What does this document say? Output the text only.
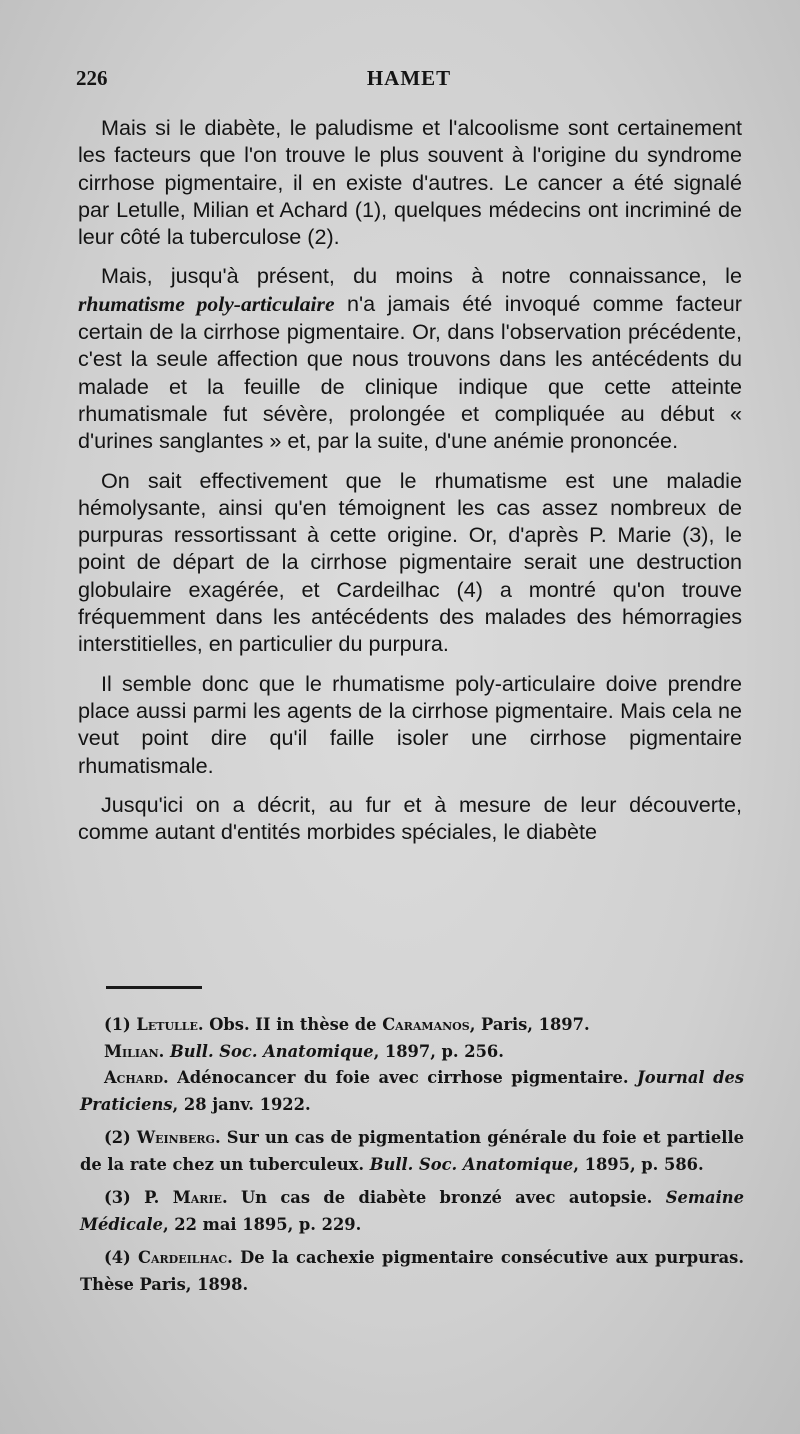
226	HAMET

Mais si le diabète, le paludisme et l'alcoolisme sont certainement les facteurs que l'on trouve le plus souvent à l'origine du syndrome cirrhose pigmentaire, il en existe d'autres. Le cancer a été signalé par Letulle, Milian et Achard (1), quelques médecins ont incriminé de leur côté la tuberculose (2).

Mais, jusqu'à présent, du moins à notre connaissance, le rhumatisme poly-articulaire n'a jamais été invoqué comme facteur certain de la cirrhose pigmentaire. Or, dans l'observation précédente, c'est la seule affection que nous trouvons dans les antécédents du malade et la feuille de clinique indique que cette atteinte rhumatismale fut sévère, prolongée et compliquée au début « d'urines sanglantes » et, par la suite, d'une anémie prononcée.

On sait effectivement que le rhumatisme est une maladie hémolysante, ainsi qu'en témoignent les cas assez nombreux de purpuras ressortissant à cette origine. Or, d'après P. Marie (3), le point de départ de la cirrhose pigmentaire serait une destruction globulaire exagérée, et Cardeilhac (4) a montré qu'on trouve fréquemment dans les antécédents des malades des hémorragies interstitielles, en particulier du purpura.

Il semble donc que le rhumatisme poly-articulaire doive prendre place aussi parmi les agents de la cirrhose pigmentaire. Mais cela ne veut point dire qu'il faille isoler une cirrhose pigmentaire rhumatismale.

Jusqu'ici on a décrit, au fur et à mesure de leur découverte, comme autant d'entités morbides spéciales, le diabète

(1) Letulle. Obs. II in thèse de Caramanos, Paris, 1897.
Milian. Bull. Soc. Anatomique, 1897, p. 256.
Achard. Adénocancer du foie avec cirrhose pigmentaire. Journal des Praticiens, 28 janv. 1922.
(2) Weinberg. Sur un cas de pigmentation générale du foie et partielle de la rate chez un tuberculeux. Bull. Soc. Anatomique, 1895, p. 586.
(3) P. Marie. Un cas de diabète bronzé avec autopsie. Semaine Médicale, 22 mai 1895, p. 229.
(4) Cardeilhac. De la cachexie pigmentaire consécutive aux purpuras. Thèse Paris, 1898.
